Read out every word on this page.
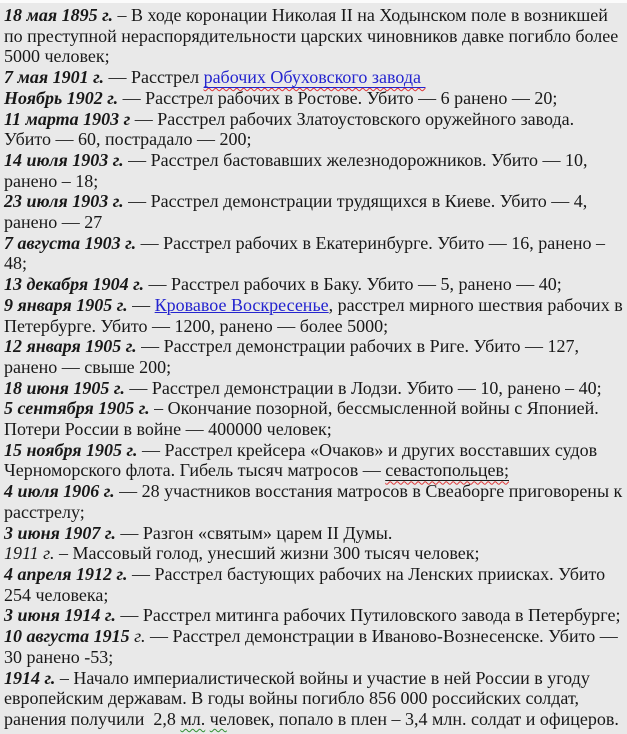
18 мая 1895 г. – В ходе коронации Николая II на Ходынском поле в возникшей по преступной нераспорядительности царских чиновников давке погибло более 5000 человек;

7 мая 1901 г. — Расстрел рабочих Обуховского завода

Ноябрь 1902 г. — Расстрел рабочих в Ростове. Убито — 6 ранено — 20;

11 марта 1903 г — Расстрел рабочих Златоустовского оружейного завода. Убито — 60, пострадало — 200;

14 июля 1903 г. — Расстрел бастовавших железнодорожников. Убито — 10, ранено – 18;

23 июля 1903 г. — Расстрел демонстрации трудящихся в Киеве. Убито — 4, ранено — 27

7 августа 1903 г. — Расстрел рабочих в Екатеринбурге. Убито — 16, ранено – 48;

13 декабря 1904 г. — Расстрел рабочих в Баку. Убито — 5, ранено — 40;

9 января 1905 г. — Кровавое Воскресенье, расстрел мирного шествия рабочих в Петербурге. Убито — 1200, ранено — более 5000;

12 января 1905 г. — Расстрел демонстрации рабочих в Риге. Убито — 127, ранено — свыше 200;

18 июня 1905 г. — Расстрел демонстрации в Лодзи. Убито — 10, ранено – 40;

5 сентября 1905 г. – Окончание позорной, бессмысленной войны с Японией. Потери России в войне — 400000 человек;

15 ноября 1905 г. — Расстрел крейсера «Очаков» и других восставших судов Черноморского флота. Гибель тысяч матросов — севастопольцев;

4 июля 1906 г. — 28 участников восстания матросов в Свеаборге приговорены к расстрелу;

3 июня 1907 г. — Разгон «святым» царем II Думы.

1911 г. – Массовый голод, унесший жизни 300 тысяч человек;

4 апреля 1912 г. — Расстрел бастующих рабочих на Ленских приисках. Убито 254 человека;

3 июня 1914 г. — Расстрел митинга рабочих Путиловского завода в Петербурге;

10 августа 1915 г. — Расстрел демонстрации в Иваново-Вознесенске. Убито — 30 ранено -53;

1914 г. – Начало империалистической войны и участие в ней России в угоду европейским державам. В годы войны погибло 856 000 российских солдат, ранения получили  2,8 мл. человек, попало в плен – 3,4 млн. солдат и офицеров.
